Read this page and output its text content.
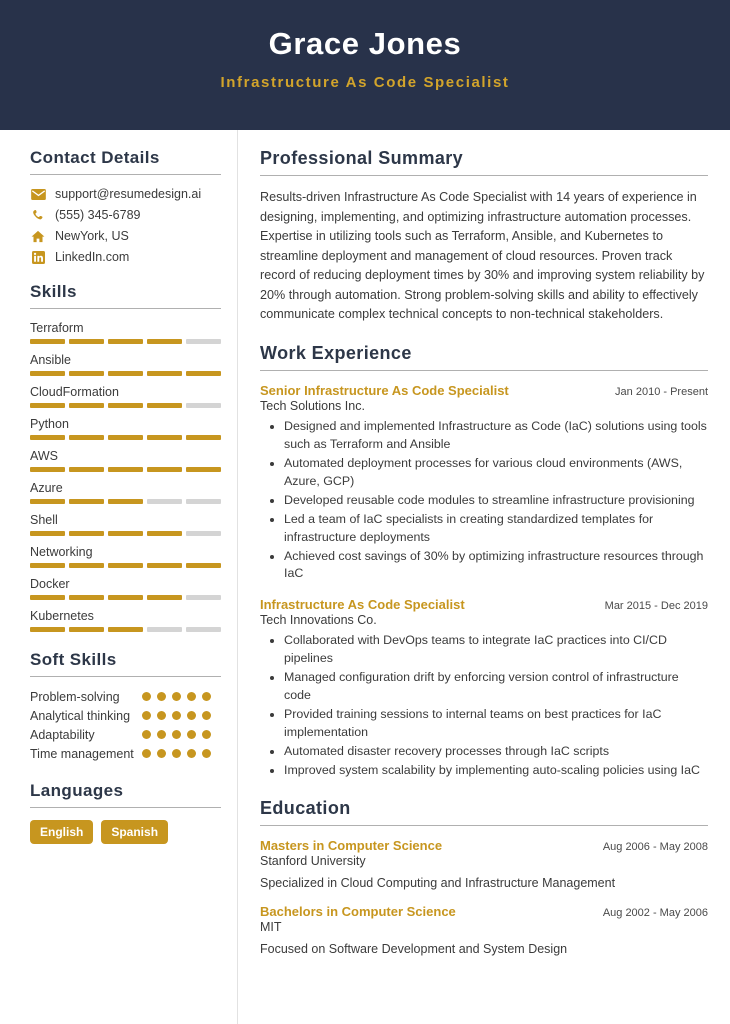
Grace Jones
Infrastructure As Code Specialist
Contact Details
support@resumedesign.ai
(555) 345-6789
NewYork, US
LinkedIn.com
Skills
Terraform
Ansible
CloudFormation
Python
AWS
Azure
Shell
Networking
Docker
Kubernetes
Soft Skills
Problem-solving
Analytical thinking
Adaptability
Time management
Languages
English	Spanish
Professional Summary

Results-driven Infrastructure As Code Specialist with 14 years of experience in designing, implementing, and optimizing infrastructure automation processes. Expertise in utilizing tools such as Terraform, Ansible, and Kubernetes to streamline deployment and management of cloud resources. Proven track record of reducing deployment times by 30% and improving system reliability by 20% through automation. Strong problem-solving skills and ability to effectively communicate complex technical concepts to non-technical stakeholders.

Work Experience
Senior Infrastructure As Code Specialist	Jan 2010 - Present
Tech Solutions Inc.
• Designed and implemented Infrastructure as Code (IaC) solutions using tools such as Terraform and Ansible
• Automated deployment processes for various cloud environments (AWS, Azure, GCP)
• Developed reusable code modules to streamline infrastructure provisioning
• Led a team of IaC specialists in creating standardized templates for infrastructure deployments
• Achieved cost savings of 30% by optimizing infrastructure resources through IaC
Infrastructure As Code Specialist	Mar 2015 - Dec 2019
Tech Innovations Co.
• Collaborated with DevOps teams to integrate IaC practices into CI/CD pipelines
• Managed configuration drift by enforcing version control of infrastructure code
• Provided training sessions to internal teams on best practices for IaC implementation
• Automated disaster recovery processes through IaC scripts
• Improved system scalability by implementing auto-scaling policies using IaC
Education
Masters in Computer Science	Aug 2006 - May 2008
Stanford University
Specialized in Cloud Computing and Infrastructure Management
Bachelors in Computer Science	Aug 2002 - May 2006
MIT
Focused on Software Development and System Design
